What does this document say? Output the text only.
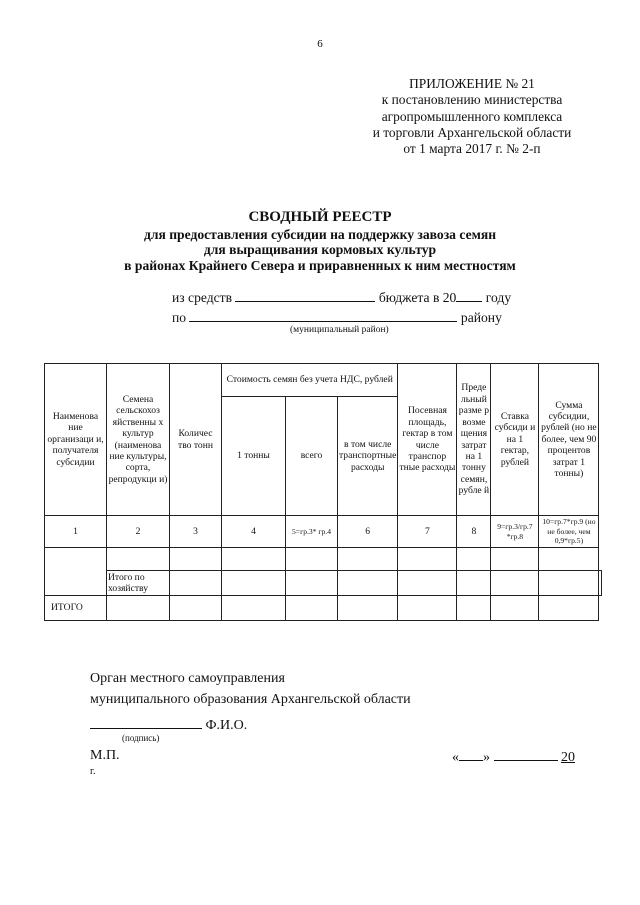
6
ПРИЛОЖЕНИЕ № 21
к постановлению министерства
агропромышленного комплекса
и торговли Архангельской области
от 1 марта 2017 г. № 2-п
СВОДНЫЙ РЕЕСТР
для предоставления субсидии на поддержку завоза семян
для выращивания кормовых культур
в районах Крайнего Севера и приравненных к ним местностям
из средств	бюджета в 20 году
по	району
(муниципальный район)
Наименова ние организаци и, получателя субсидии	Семена сельскохоз яйственны х культур (наименова ние культуры, сорта, репродукци и)	Количес тво тонн	Стоимость семян без учета НДС, рублей			Посевная площадь, гектар в том числе транспор тные расходы	Преде льный разме р возме щения затрат на 1 тонну семян, рубле й	Ставка субсиди и на 1 гектар, рублей	Сумма субсидии, рублей (но не более, чем 90 процентов затрат 1 тонны)	
			1 тонны	всего	в том числе транспортные расходы					
1	2	3	4	5=гр.3* гр.4	6	7	8	9=гр.3/гр.7 *гр.8	10=гр.7*гр.9 (но не более, чем 0,9*гр.5)	

	Итого по хозяйству									
ИТОГО										
Орган местного самоуправления
муниципального образования Архангельской области
Ф.И.О.
(подпись)
М.П.
г.
« »	20
